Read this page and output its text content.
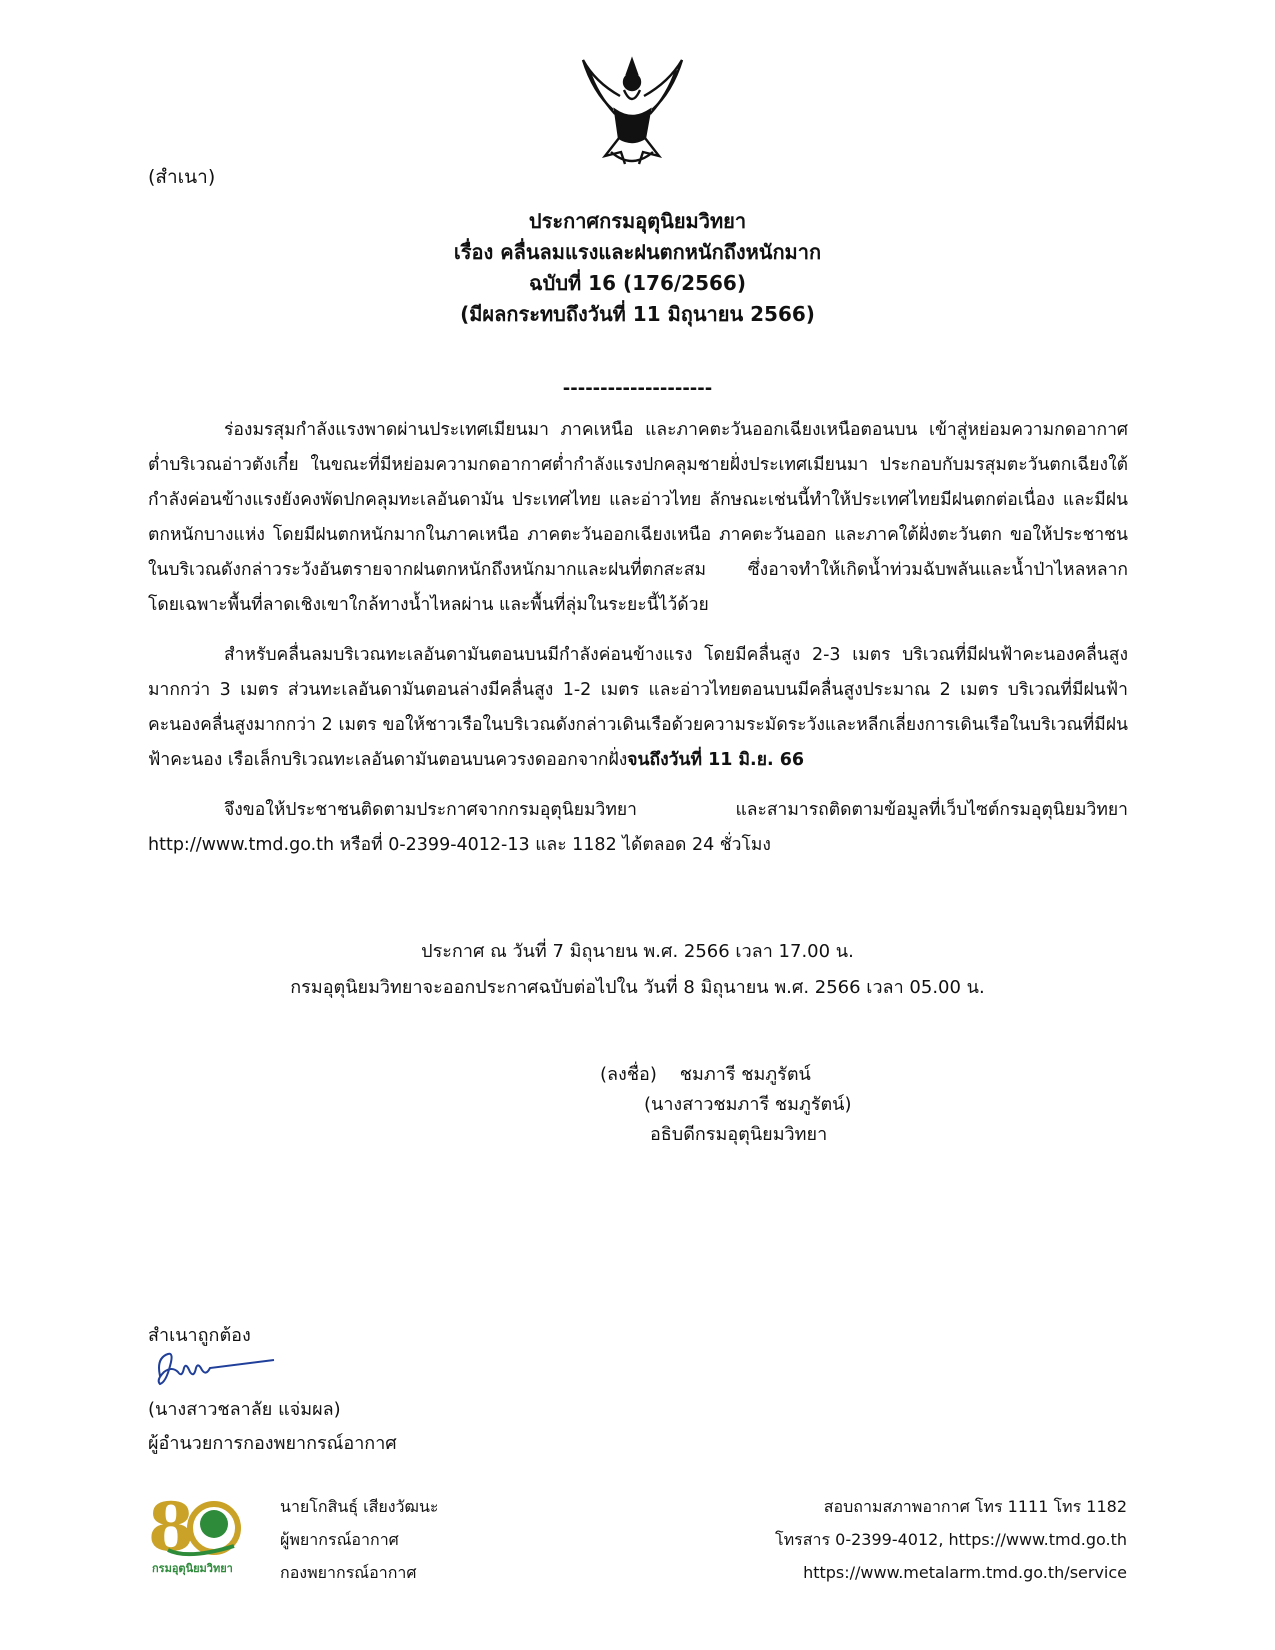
(สำเนา)
ประกาศกรมอุตุนิยมวิทยา
เรื่อง คลื่นลมแรงและฝนตกหนักถึงหนักมาก
ฉบับที่ 16 (176/2566)
(มีผลกระทบถึงวันที่ 11 มิถุนายน 2566)
--------------------

ร่องมรสุมกำลังแรงพาดผ่านประเทศเมียนมา ภาคเหนือ และภาคตะวันออกเฉียงเหนือตอนบน เข้าสู่หย่อมความกดอากาศต่ำบริเวณอ่าวตังเกี๋ย ในขณะที่มีหย่อมความกดอากาศต่ำกำลังแรงปกคลุมชายฝั่งประเทศเมียนมา ประกอบกับมรสุมตะวันตกเฉียงใต้กำลังค่อนข้างแรงยังคงพัดปกคลุมทะเลอันดามัน ประเทศไทย และอ่าวไทย ลักษณะเช่นนี้ทำให้ประเทศไทยมีฝนตกต่อเนื่อง และมีฝนตกหนักบางแห่ง โดยมีฝนตกหนักมากในภาคเหนือ ภาคตะวันออกเฉียงเหนือ ภาคตะวันออก และภาคใต้ฝั่งตะวันตก ขอให้ประชาชนในบริเวณดังกล่าวระวังอันตรายจากฝนตกหนักถึงหนักมากและฝนที่ตกสะสม ซึ่งอาจทำให้เกิดน้ำท่วมฉับพลันและน้ำป่าไหลหลาก โดยเฉพาะพื้นที่ลาดเชิงเขาใกล้ทางน้ำไหลผ่าน และพื้นที่ลุ่มในระยะนี้ไว้ด้วย

สำหรับคลื่นลมบริเวณทะเลอันดามันตอนบนมีกำลังค่อนข้างแรง โดยมีคลื่นสูง 2-3 เมตร บริเวณที่มีฝนฟ้าคะนองคลื่นสูงมากกว่า 3 เมตร ส่วนทะเลอันดามันตอนล่างมีคลื่นสูง 1-2 เมตร และอ่าวไทยตอนบนมีคลื่นสูงประมาณ 2 เมตร บริเวณที่มีฝนฟ้าคะนองคลื่นสูงมากกว่า 2 เมตร ขอให้ชาวเรือในบริเวณดังกล่าวเดินเรือด้วยความระมัดระวังและหลีกเลี่ยงการเดินเรือในบริเวณที่มีฝนฟ้าคะนอง เรือเล็กบริเวณทะเลอันดามันตอนบนควรงดออกจากฝั่งจนถึงวันที่ 11 มิ.ย. 66

จึงขอให้ประชาชนติดตามประกาศจากกรมอุตุนิยมวิทยา และสามารถติดตามข้อมูลที่เว็บไซต์กรมอุตุนิยมวิทยา http://www.tmd.go.th หรือที่ 0-2399-4012-13 และ 1182 ได้ตลอด 24 ชั่วโมง

ประกาศ ณ วันที่ 7 มิถุนายน พ.ศ. 2566 เวลา 17.00 น.
กรมอุตุนิยมวิทยาจะออกประกาศฉบับต่อไปใน วันที่ 8 มิถุนายน พ.ศ. 2566 เวลา 05.00 น.
(ลงชื่อ)    ชมภารี ชมภูรัตน์
(นางสาวชมภารี ชมภูรัตน์)
อธิบดีกรมอุตุนิยมวิทยา
สำเนาถูกต้อง
(นางสาวชลาลัย แจ่มผล)
ผู้อำนวยการกองพยากรณ์อากาศ
8
กรมอุตุนิยมวิทยา
นายโกสินธุ์ เสียงวัฒนะ
ผู้พยากรณ์อากาศ
กองพยากรณ์อากาศ
สอบถามสภาพอากาศ โทร 1111 โทร 1182
โทรสาร 0-2399-4012, https://www.tmd.go.th
https://www.metalarm.tmd.go.th/service
